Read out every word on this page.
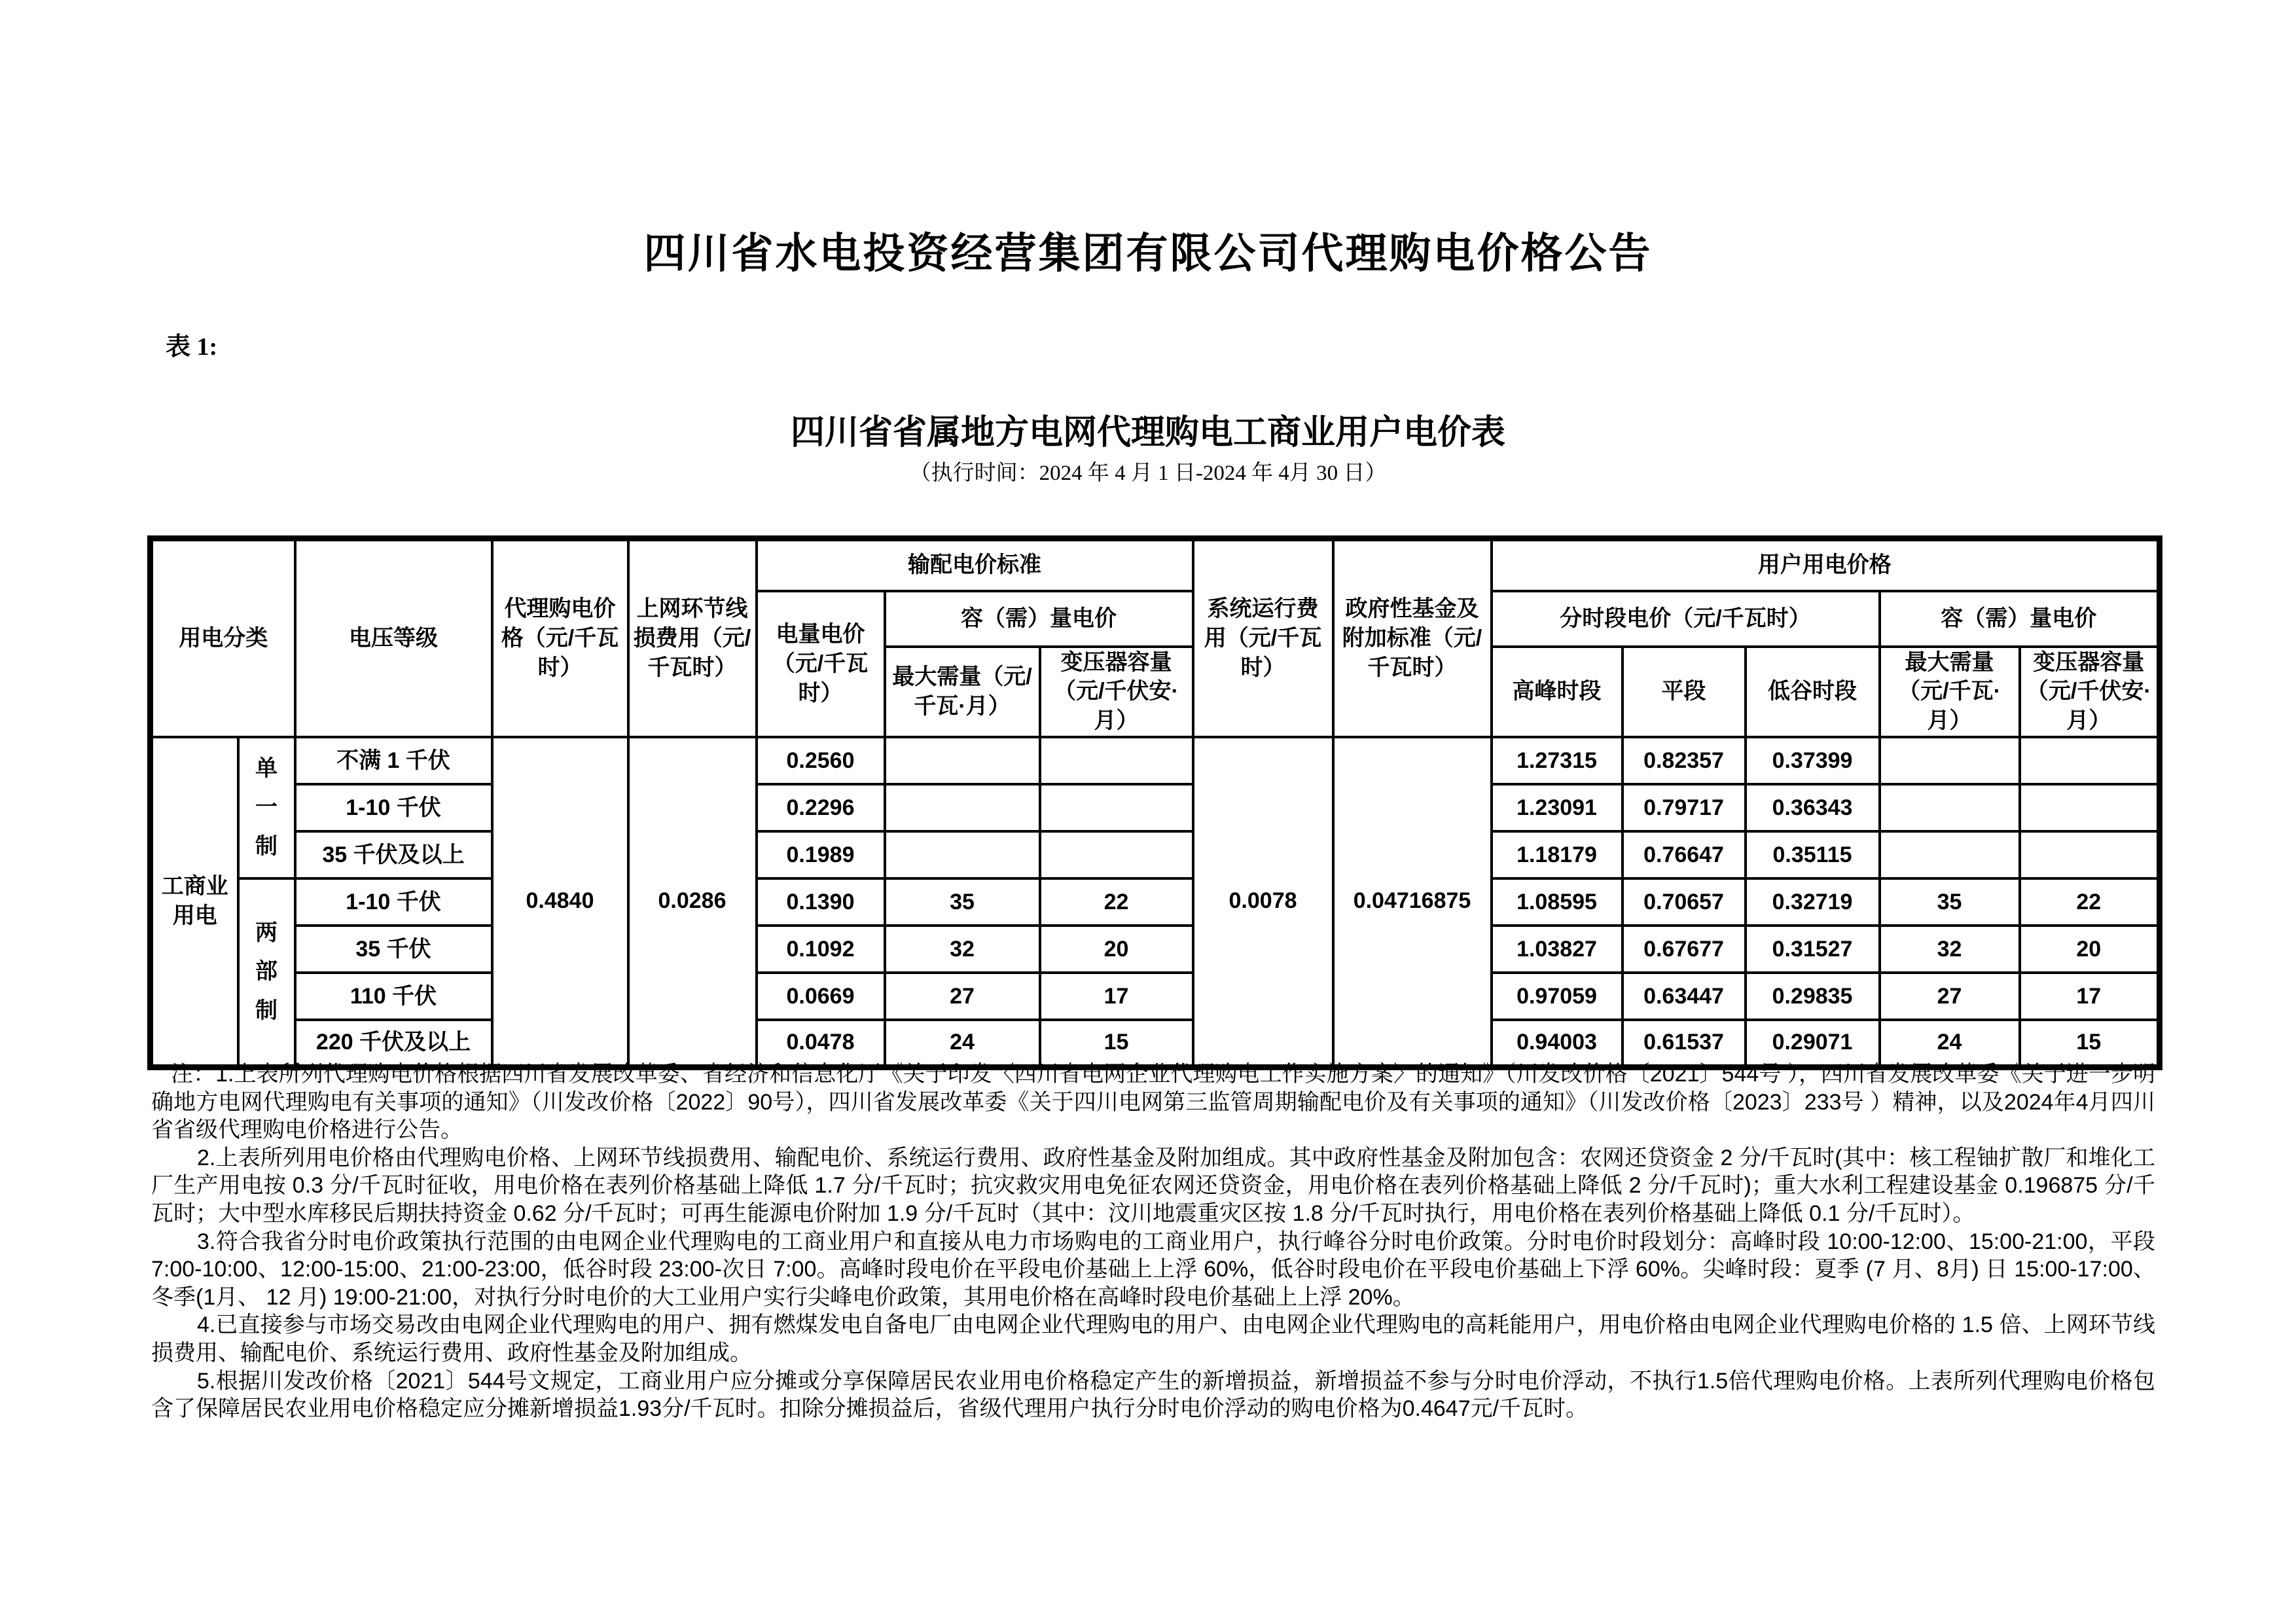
四川省水电投资经营集团有限公司代理购电价格公告
表 1:
四川省省属地方电网代理购电工商业用户电价表
（执行时间：2024 年 4 月 1 日-2024 年 4月 30 日）
用电分类		电压等级	代理购电价格（元/千瓦时）	上网环节线损费用（元/千瓦时）	输配电价标准			系统运行费用（元/千瓦时）	政府性基金及附加标准（元/千瓦时）	用户用电价格				
					电量电价（元/千瓦时）	容（需）量电价				分时段电价（元/千瓦时）			容（需）量电价	
						最大需量（元/千瓦·月）	变压器容量（元/千伏安·月）			高峰时段	平段	低谷时段	最大需量（元/千瓦·月）	变压器容量（元/千伏安·月）
工商业用电	单一制	不满 1 千伏	0.4840	0.0286	0.2560			0.0078	0.04716875	1.27315	0.82357	0.37399		
		1-10 千伏			0.2296					1.23091	0.79717	0.36343		
		35 千伏及以上			0.1989					1.18179	0.76647	0.35115		

	两部制	1-10 千伏			0.1390	35	22			1.08595	0.70657	0.32719	35	22
		35 千伏			0.1092	32	20			1.03827	0.67677	0.31527	32	20
		110 千伏			0.0669	27	17			0.97059	0.63447	0.29835	27	17
		220 千伏及以上			0.0478	24	15			0.94003	0.61537	0.29071	24	15

注：1.上表所列代理购电价格根据四川省发展改革委、省经济和信息化厅《关于印发〈四川省电网企业代理购电工作实施方案〉的通知》（川发改价格〔2021〕544号 ），四川省发展改革委《关于进一步明确地方电网代理购电有关事项的通知》（川发改价格〔2022〕90号），四川省发展改革委《关于四川电网第三监管周期输配电价及有关事项的通知》（川发改价格〔2023〕233号 ）精神，以及2024年4月四川省省级代理购电价格进行公告。

2.上表所列用电价格由代理购电价格、上网环节线损费用、输配电价、系统运行费用、政府性基金及附加组成。其中政府性基金及附加包含：农网还贷资金 2 分/千瓦时(其中：核工程铀扩散厂和堆化工厂生产用电按 0.3 分/千瓦时征收，用电价格在表列价格基础上降低 1.7 分/千瓦时；抗灾救灾用电免征农网还贷资金，用电价格在表列价格基础上降低 2 分/千瓦时)；重大水利工程建设基金 0.196875 分/千瓦时；大中型水库移民后期扶持资金 0.62 分/千瓦时；可再生能源电价附加 1.9 分/千瓦时（其中：汶川地震重灾区按 1.8 分/千瓦时执行，用电价格在表列价格基础上降低 0.1 分/千瓦时）。

3.符合我省分时电价政策执行范围的由电网企业代理购电的工商业用户和直接从电力市场购电的工商业用户，执行峰谷分时电价政策。分时电价时段划分：高峰时段 10:00-12:00、15:00-21:00，平段 7:00-10:00、12:00-15:00、21:00-23:00，低谷时段 23:00-次日 7:00。高峰时段电价在平段电价基础上上浮 60%，低谷时段电价在平段电价基础上下浮 60%。尖峰时段：夏季 (7 月、8月) 日 15:00-17:00、冬季(1月、 12 月) 19:00-21:00，对执行分时电价的大工业用户实行尖峰电价政策，其用电价格在高峰时段电价基础上上浮 20%。

4.已直接参与市场交易改由电网企业代理购电的用户、拥有燃煤发电自备电厂由电网企业代理购电的用户、由电网企业代理购电的高耗能用户，用电价格由电网企业代理购电价格的 1.5 倍、上网环节线损费用、输配电价、系统运行费用、政府性基金及附加组成。

5.根据川发改价格〔2021〕544号文规定，工商业用户应分摊或分享保障居民农业用电价格稳定产生的新增损益，新增损益不参与分时电价浮动，不执行1.5倍代理购电价格。上表所列代理购电价格包含了保障居民农业用电价格稳定应分摊新增损益1.93分/千瓦时。扣除分摊损益后，省级代理用户执行分时电价浮动的购电价格为0.4647元/千瓦时。
